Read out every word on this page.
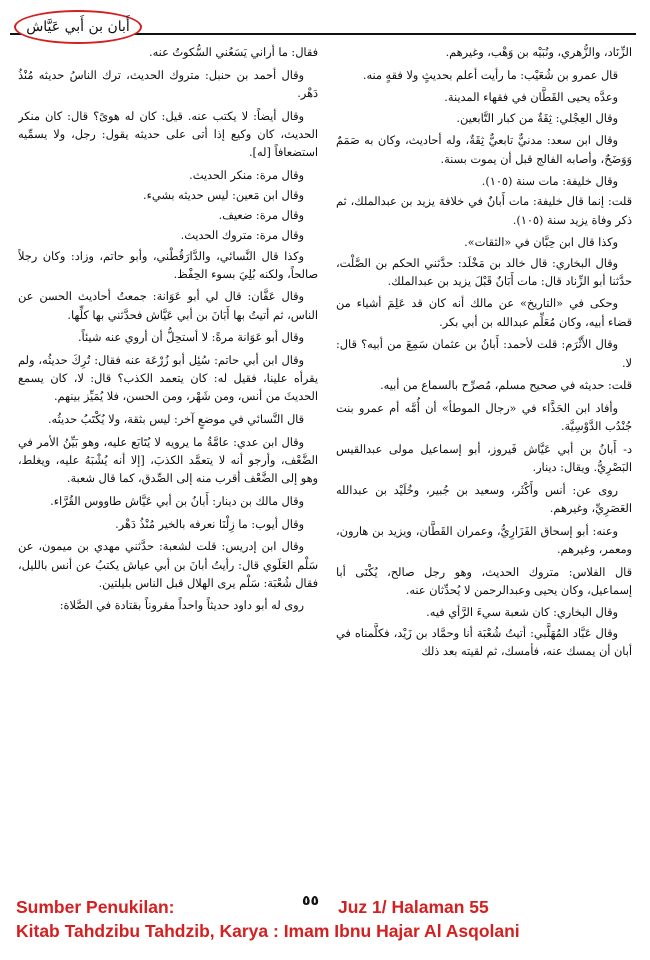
أَبان بن أَبي عَيَّاش

الزِّنَاد، والزُّهري، ونُبَيْه بن وَهْب، وغيرهم.

قال عمرو بن شُعَيْب: ما رأيت أعلم بحديثٍ ولا فقهٍ منه.

وعدَّه يحيى القَطَّان في فقهاء المدينة.

وقال العِجْلي: ثِقَةٌ من كبار التَّابعين.

وقال ابن سعد: مدنيٌّ تابعيٌّ ثِقَةٌ، وله أحاديث، وكان به صَمَمٌ وَوَضَحٌ، وأصابه الفالج قبل أن يموت بسنة.

وقال خليفة: مات سنة (١٠٥).

قلت: إنما قال خليفة: مات أَبانٌ في خلافة يزيد بن عبدالملك، ثم ذكر وفاة يزيد سنة (١٠٥).

وكذا قال ابن حِبَّان في «الثقات».

وقال البخاري: قال خالد بن مَخْلَد: حدَّثني الحكم بن الصَّلْت، حدَّثنا أبو الزِّناد قال: مات أَبَانٌ قَبْلَ يزيد بن عبدالملك.

وحكى في «التاريخ» عن مالك أنه كان قد عَلِمَ أشياء من قضاء أبيه، وكان مُعَلِّم عبدالله بن أبي بكر.

وقال الأَثْرَم: قلت لأحمد: أَبانُ بن عثمان سَمِعَ من أبيه؟ قال: لا.

قلت: حديثه في صحيح مسلم، مُصرِّح بالسماع من أبيه.

وأفاد ابن الحَذَّاء في «رجال الموطأ» أن أُمَّه أم عمرو بنت جُنْدُب الدَّوْسِيَّة.

د- أَبانُ بن أبي عَيَّاش فَيروز، أبو إسماعيل مولى عبدالقيس البَصْرِيُّ. ويقال: دينار.

روى عن: أنس وأَكْثَر، وسعيد بن جُبير، وخُلَيْد بن عبدالله العَصَرِيِّ، وغيرهم.

وعنه: أبو إسحاق الفَزَارِيُّ، وعمران القَطَّان، ويزيد بن هارون، ومعمر، وغيرهم.

قال الفلاس: متروك الحديث، وهو رجل صالح، يُكْنَى أبا إسماعيل، وكان يحيى وعبدالرحمن لا يُحدِّثان عنه.

وقال البخاري: كان شعبة سيءَ الرَّأي فيه.

وقال عَبَّاد المُهَلَّبي: أتيتُ شُعْبَة أنا وحمَّاد بن زَيْد، فكلَّمناه في أبان أن يمسك عنه، فأمسك، ثم لقيته بعد ذلك

فقال: ما أُراني يَسَعُني السُّكوتُ عنه.

وقال أحمد بن حنبل: متروك الحديث، ترك الناسُ حديثه مُنْذُ دَهْر.

وقال أيضاً: لا يكتب عنه. قيل: كان له هوىً؟ قال: كان منكر الحديث، كان وكيع إذا أتى على حديثه يقول: رجل، ولا يسمِّيه استضعافاً [له].

وقال مرة: منكر الحديث.

وقال ابن مَعين: ليس حديثه بشيء.

وقال مرة: ضعيف.

وقال مرة: متروك الحديث.

وكذا قال النَّسائي، والدَّارَقُطْني، وأبو حاتم، وزاد: وكان رجلاً صالحاً، ولكنه بُلِيَ بسوء الحِفْظ.

وقال عَفَّان: قال لي أبو عَوَانة: جمعتُ أحاديث الحسن عن الناس، ثم أتيتُ بها أَبَانَ بن أبي عَيَّاش فحدَّثني بها كلِّها.

وقال أبو عَوَانة مرةً: لا أستحِلُّ أن أروي عنه شيئاً.

وقال ابن أبي حاتم: سُئِل أبو زُرْعَة عنه فقال: تُرِكَ حديثُه، ولم يقرأه علينا، فقيل له: كان يتعمد الكذب؟ قال: لا، كان يسمع الحديثَ من أنس، ومن شَهْر، ومن الحسن، فلا يُمَيِّز بينهم.

قال النَّسائي في موضعٍ آخر: ليس بثقة، ولا يُكْتَبُ حديثُه.

وقال ابن عدي: عامَّةُ ما يرويه لا يُتَابَع عليه، وهو بَيِّنُ الأمر في الضَّعْف، وأرجو أنه لا يتعمَّد الكذبَ، [إلا أنه يُشْبَهُ عليه، ويغلط، وهو إلى الضَّعْف أقرب منه إلى الصِّدق، كما قال شعبة.

وقال مالك بن دينار: أَبانُ بن أبي عَيَّاش طاووس القُرَّاء.

وقال أيوب: ما زِلْنَا نعرفه بالخير مُنْذُ دَهْر.

وقال ابن إدريس: قلت لشعبة: حدَّثني مهدي بن ميمون، عن سَلْم العَلَوي قال: رأيتُ أبانَ بن أبي عياش يكتبُ عن أنس بالليل، فقال شُعْبَة: سَلْم يرى الهلال قبل الناس بليلتين.

روى له أبو داود حديثاً واحداً مقروناً بقتادة في الصَّلاة:

٥٥
Sumber Penukilan:	Juz 1/ Halaman 55
Kitab Tahdzibu Tahdzib, Karya : Imam Ibnu Hajar Al Asqolani
